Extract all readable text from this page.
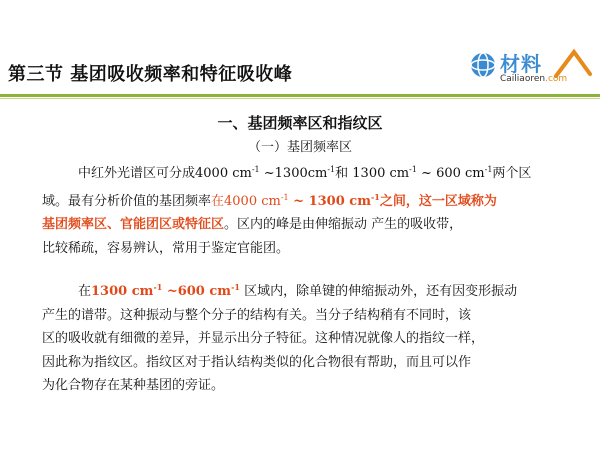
第三节 基团吸收频率和特征吸收峰	材料
Cailiaoren.com
一、基团频率区和指纹区
（一）基团频率区
中红外光谱区可分成4000 $cm^{-1}$ $\sim 1300cm^{-1}$和 1300 $cm^{-1}$ ~ 600 $cm^{-1}$两个区
域。最有分析价值的基团频率在4000 $cm^{-1}$ ~ 1300 $cm^{-1}$之间，这一区域称为
基团频率区、官能团区或特征区。区内的峰是由伸缩振动 产生的吸收带，
比较稀疏，容易辨认，常用于鉴定官能团。
在1300 $cm^{-1}$ ~600 $cm^{-1}$ 区域内，除单键的伸缩振动外，还有因变形振动
产生的谱带。这种振动与整个分子的结构有关。当分子结构稍有不同时，该
区的吸收就有细微的差异，并显示出分子特征。这种情况就像人的指纹一样，
因此称为指纹区。指纹区对于指认结构类似的化合物很有帮助，而且可以作
为化合物存在某种基团的旁证。
